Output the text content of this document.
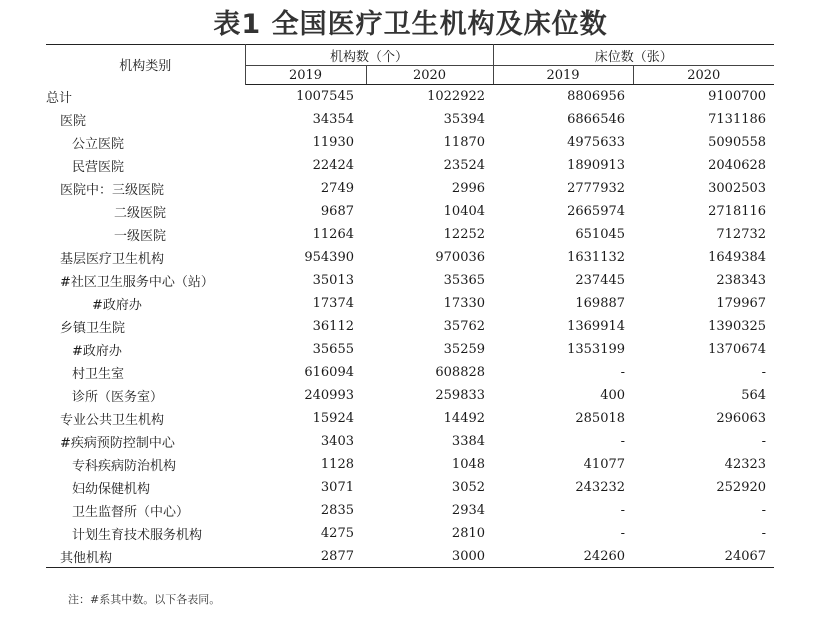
表1 全国医疗卫生机构及床位数
机构类别	机构数（个）		床位数（张）	
	2019	2020	2019	2020
总计	1007545	1022922	8806956	9100700
医院	34354	35394	6866546	7131186
公立医院	11930	11870	4975633	5090558
民营医院	22424	23524	1890913	2040628
医院中：三级医院	2749	2996	2777932	3002503
二级医院	9687	10404	2665974	2718116
一级医院	11264	12252	651045	712732
基层医疗卫生机构	954390	970036	1631132	1649384
#社区卫生服务中心（站）	35013	35365	237445	238343
#政府办	17374	17330	169887	179967
乡镇卫生院	36112	35762	1369914	1390325
#政府办	35655	35259	1353199	1370674
村卫生室	616094	608828	-	-
诊所（医务室）	240993	259833	400	564
专业公共卫生机构	15924	14492	285018	296063
#疾病预防控制中心	3403	3384	-	-
专科疾病防治机构	1128	1048	41077	42323
妇幼保健机构	3071	3052	243232	252920
卫生监督所（中心）	2835	2934	-	-
计划生育技术服务机构	4275	2810	-	-
其他机构	2877	3000	24260	24067
注：#系其中数。以下各表同。
